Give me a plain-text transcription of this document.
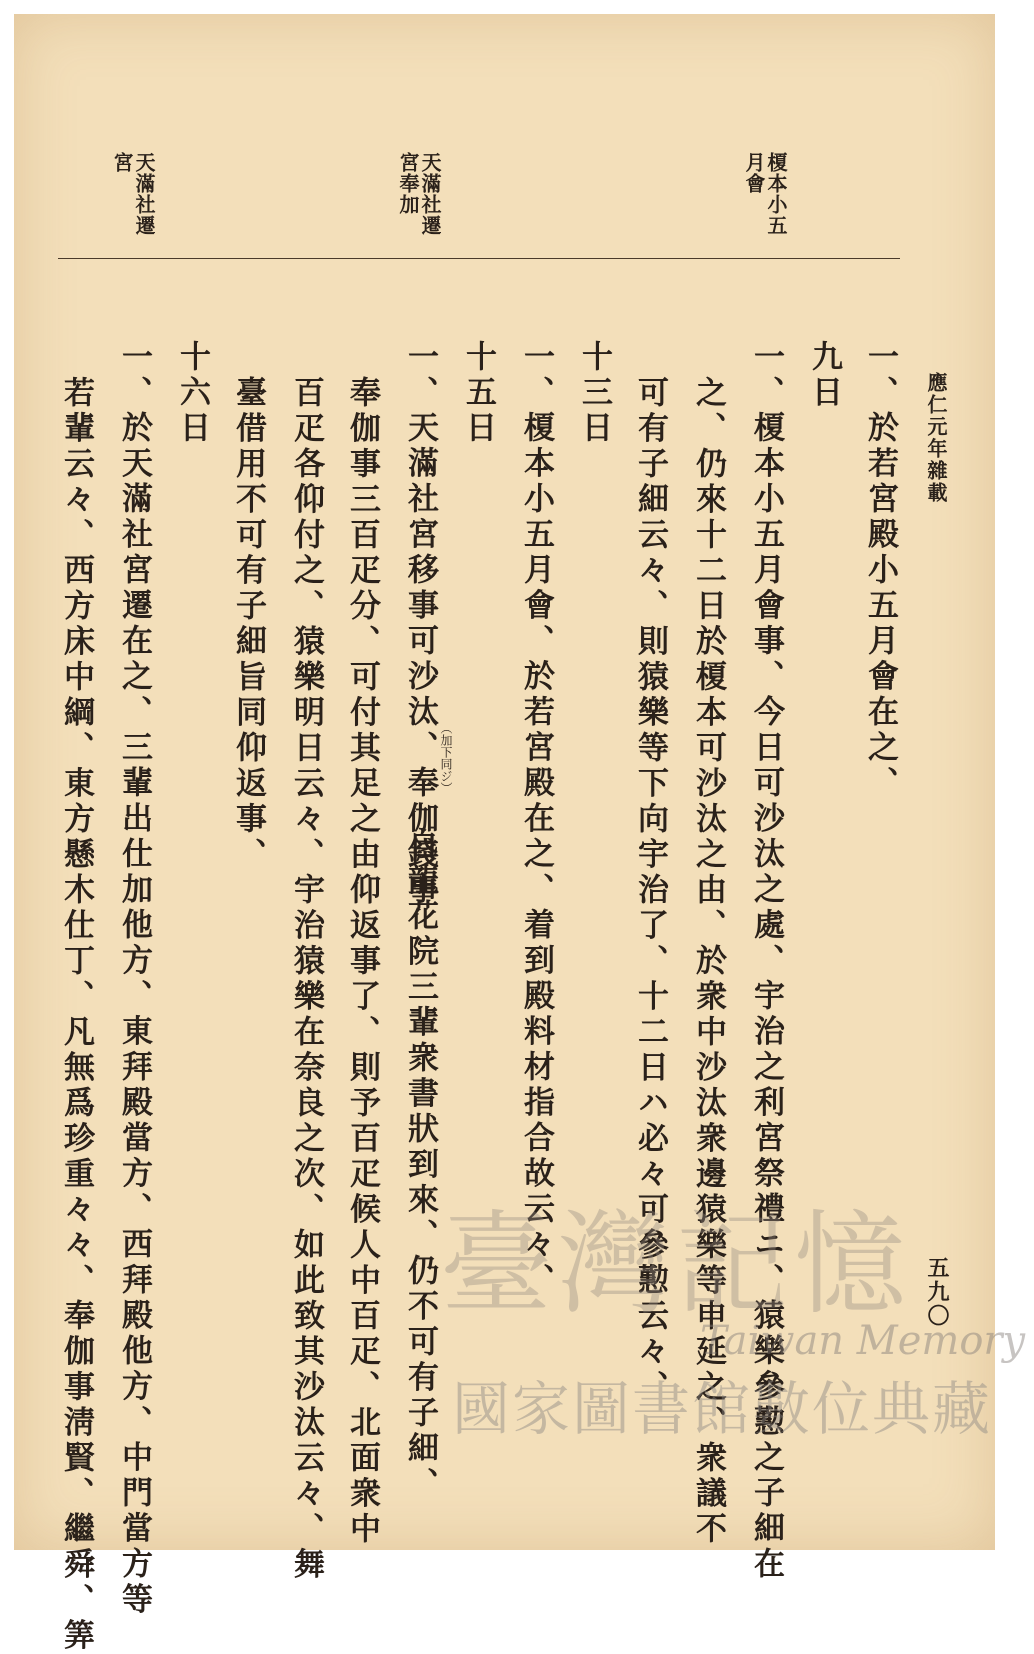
應仁元年雜載
五九〇
榎本小五
月會
天滿社遷
宮奉加
天滿社遷
宮
一、於若宮殿小五月會在之、
九日
一、榎本小五月會事、今日可沙汰之處、宇治之利宮祭禮ニ、猿樂參懃之子細在
之、仍來十二日於榎本可沙汰之由、於衆中沙汰衆邊猿樂等申延之、衆議不
可有子細云々、則猿樂等下向宇治了、十二日ハ必々可參懃云々、
十三日
一、榎本小五月會、於若宮殿在之、着到殿料材指合故云々、
十五日
一、天滿社宮移事可沙汰、奉伽錢事 （加下同ジ）
自龍花院三輩衆書狀到來、仍不可有子細、
奉伽事三百疋分、可付其足之由仰返事了、則予百疋候人中百疋、北面衆中
百疋各仰付之、猿樂明日云々、宇治猿樂在奈良之次、如此致其沙汰云々、舞
臺借用不可有子細旨同仰返事、
十六日
一、於天滿社宮遷在之、三輩出仕加他方、東拜殿當方、西拜殿他方、中門當方等
若輩云々、西方床中綱、東方懸木仕丁、凡無爲珍重々々、奉伽事淸賢、繼舜、筭	臺灣記憶
Taiwan Memory
國家圖書館數位典藏
